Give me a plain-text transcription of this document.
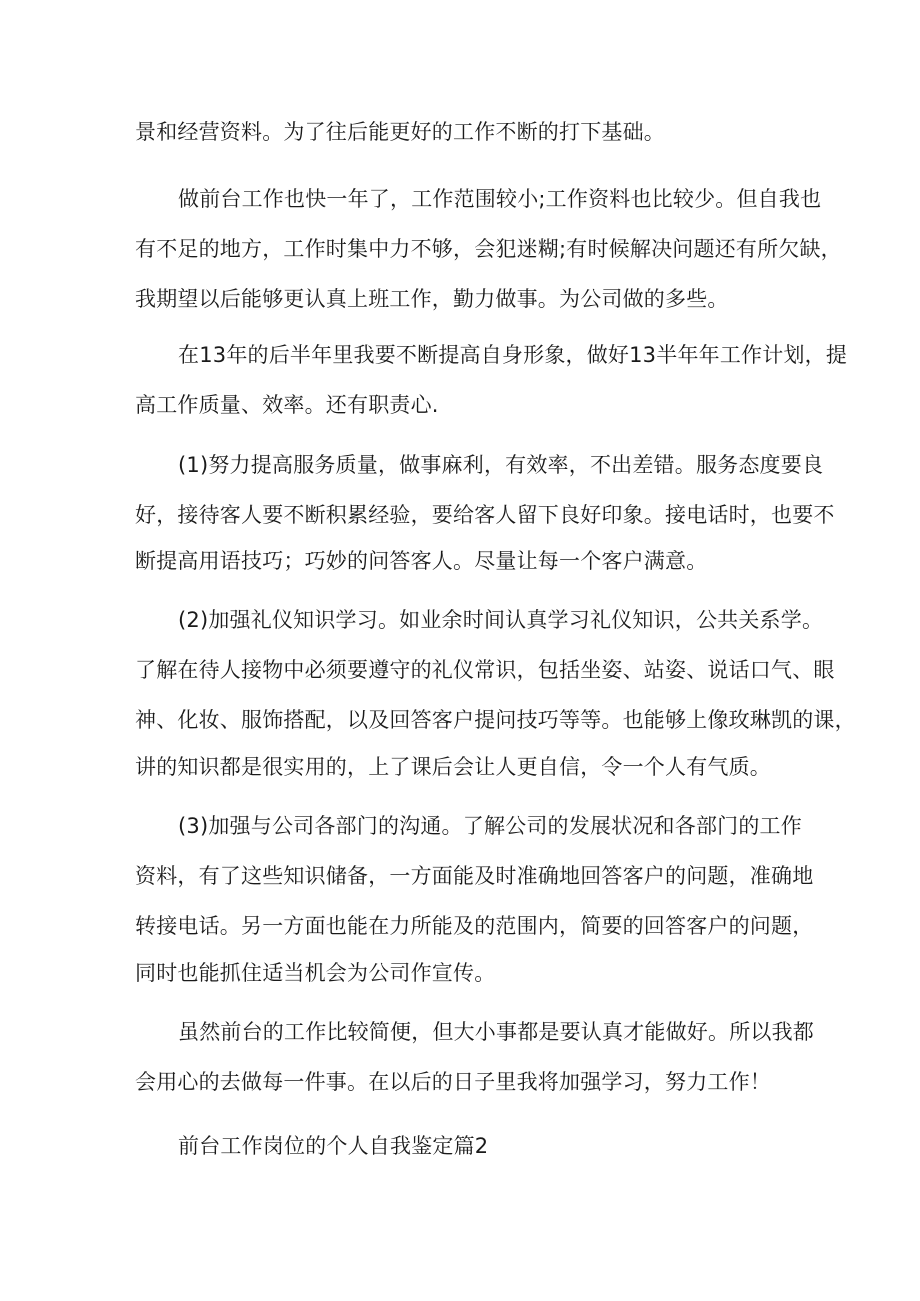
景和经营资料。为了往后能更好的工作不断的打下基础。
做前台工作也快一年了，工作范围较小;工作资料也比较少。但自我也
有不足的地方，工作时集中力不够，会犯迷糊;有时候解决问题还有所欠缺，
我期望以后能够更认真上班工作，勤力做事。为公司做的多些。
在13年的后半年里我要不断提高自身形象，做好13半年年工作计划，提
高工作质量、效率。还有职责心.
(1)努力提高服务质量，做事麻利，有效率，不出差错。服务态度要良
好，接待客人要不断积累经验，要给客人留下良好印象。接电话时，也要不
断提高用语技巧；巧妙的问答客人。尽量让每一个客户满意。
(2)加强礼仪知识学习。如业余时间认真学习礼仪知识，公共关系学。
了解在待人接物中必须要遵守的礼仪常识，包括坐姿、站姿、说话口气、眼
神、化妆、服饰搭配，以及回答客户提问技巧等等。也能够上像玫琳凯的课，
讲的知识都是很实用的，上了课后会让人更自信，令一个人有气质。
(3)加强与公司各部门的沟通。了解公司的发展状况和各部门的工作
资料，有了这些知识储备，一方面能及时准确地回答客户的问题，准确地
转接电话。另一方面也能在力所能及的范围内，简要的回答客户的问题，
同时也能抓住适当机会为公司作宣传。
虽然前台的工作比较简便，但大小事都是要认真才能做好。所以我都
会用心的去做每一件事。在以后的日子里我将加强学习，努力工作！
前台工作岗位的个人自我鉴定篇2
